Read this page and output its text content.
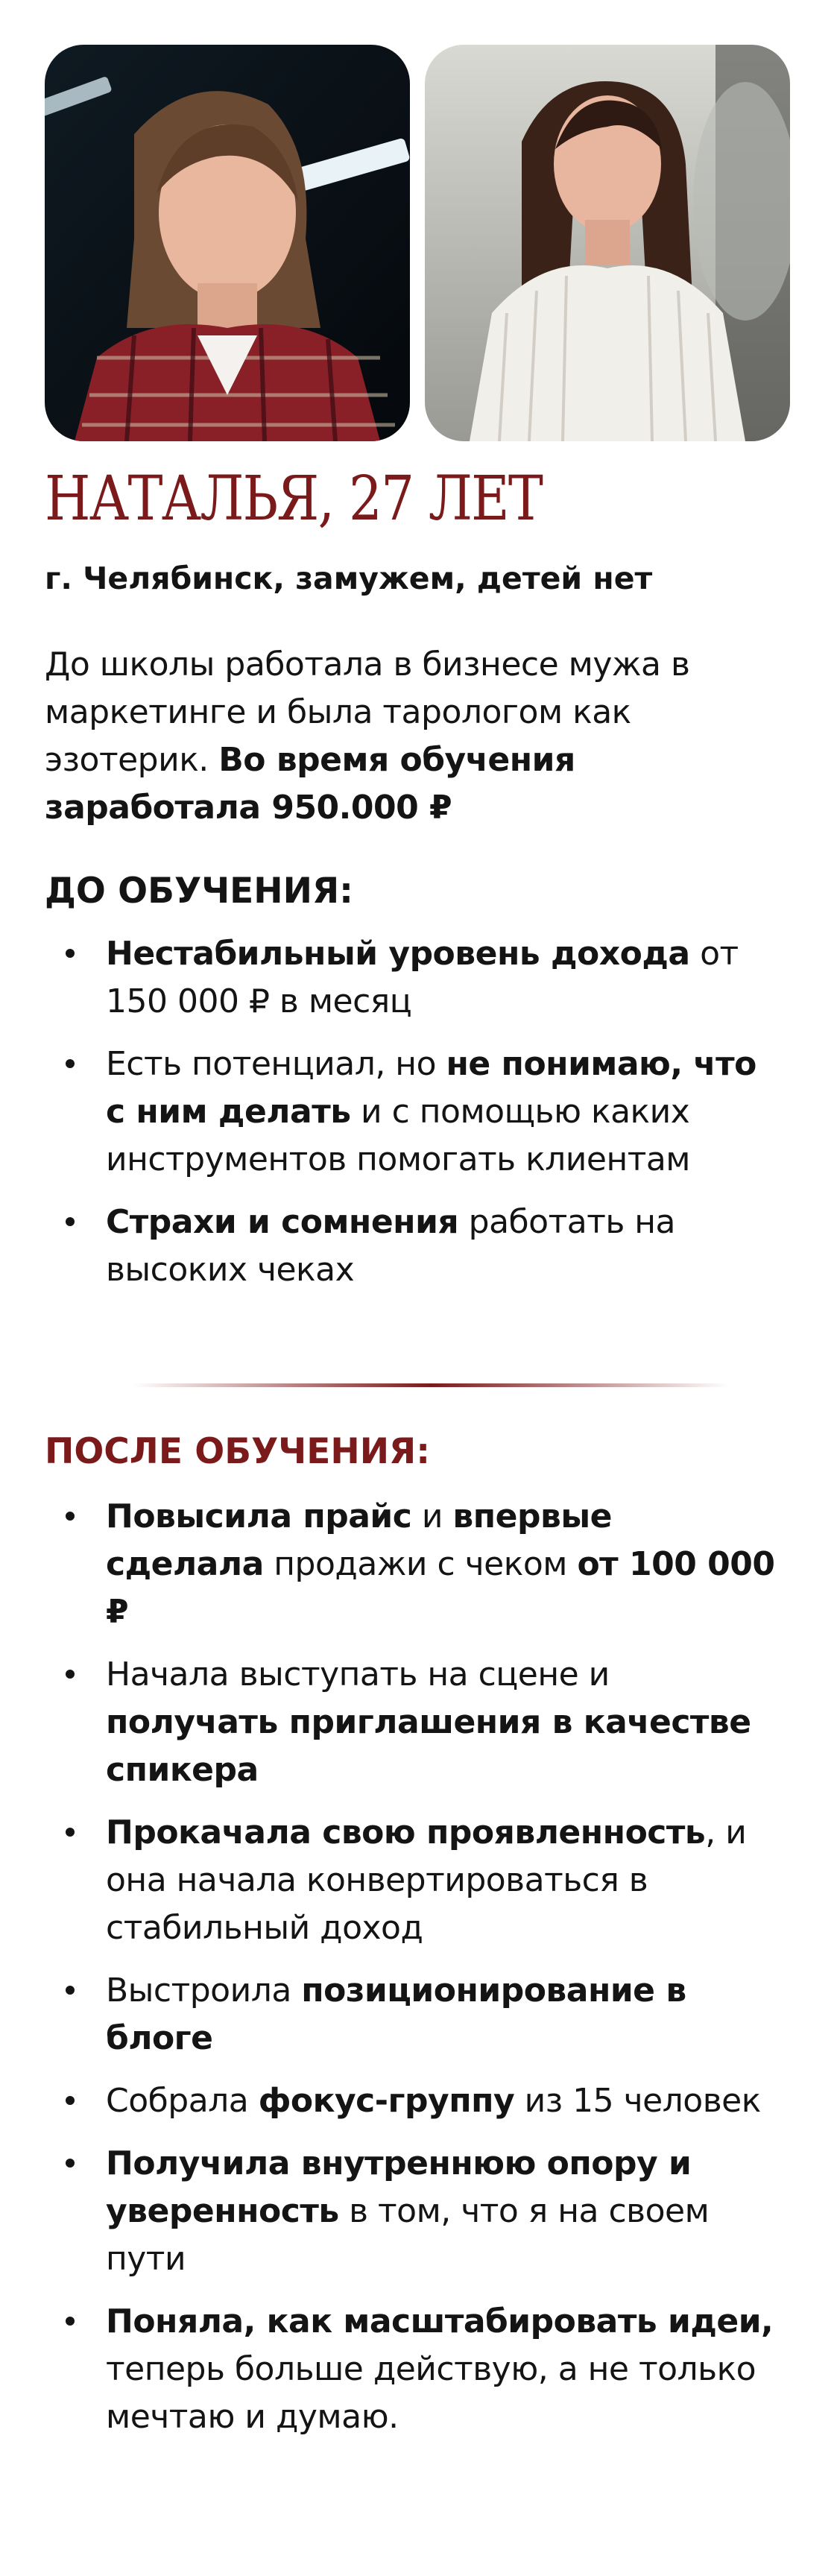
НАТАЛЬЯ, 27 ЛЕТ

г. Челябинск, замужем, детей нет

До школы работала в бизнесе мужа в маркетинге и была тарологом как эзотерик. Во время обучения заработала 950.000 ₽

ДО ОБУЧЕНИЯ:
Нестабильный уровень дохода от 150 000 ₽ в месяц
Есть потенциал, но не понимаю, что с ним делать и с помощью каких инструментов помогать клиентам
Страхи и сомнения работать на высоких чеках
ПОСЛЕ ОБУЧЕНИЯ:
Повысила прайс и впервые сделала продажи с чеком от 100 000 ₽
Начала выступать на сцене и получать приглашения в качестве спикера
Прокачала свою проявленность, и она начала конвертироваться в стабильный доход
Выстроила позиционирование в блоге
Собрала фокус-группу из 15 человек
Получила внутреннюю опору и уверенность в том, что я на своем пути
Поняла, как масштабировать идеи, теперь больше действую, а не только мечтаю и думаю.
